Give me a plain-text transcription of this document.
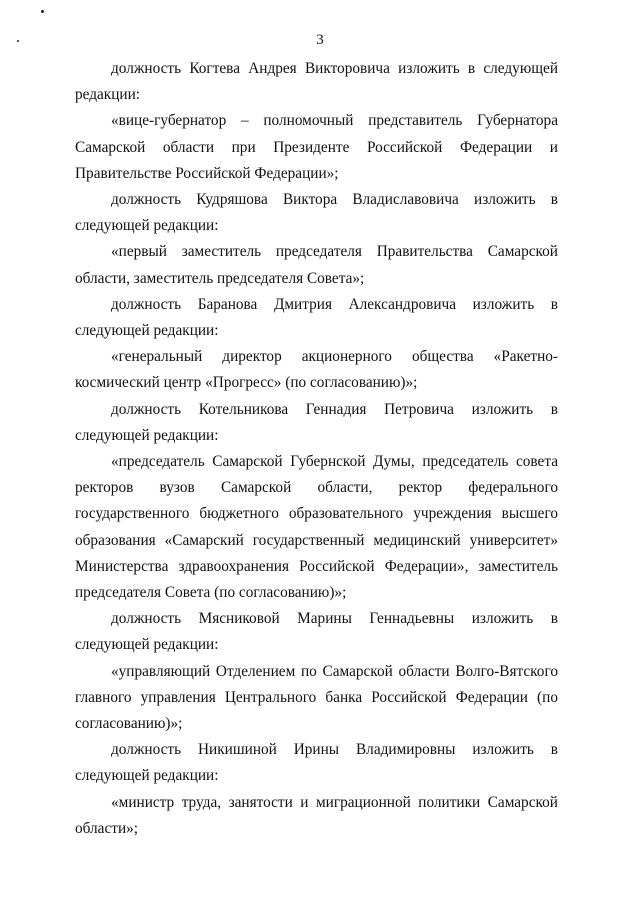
3

должность Когтева Андрея Викторовича изложить в следующей редакции:

«вице-губернатор – полномочный представитель Губернатора Самарской области при Президенте Российской Федерации и Правительстве Российской Федерации»;

должность Кудряшова Виктора Владиславовича изложить в следующей редакции:

«первый заместитель председателя Правительства Самарской области, заместитель председателя Совета»;

должность Баранова Дмитрия Александровича изложить в следующей редакции:

«генеральный директор акционерного общества «Ракетно-космический центр «Прогресс» (по согласованию)»;

должность Котельникова Геннадия Петровича изложить в следующей редакции:

«председатель Самарской Губернской Думы, председатель совета ректоров вузов Самарской области, ректор федерального государственного бюджетного образовательного учреждения высшего образования «Самарский государственный медицинский университет» Министерства здравоохранения Российской Федерации», заместитель председателя Совета (по согласованию)»;

должность Мясниковой Марины Геннадьевны изложить в следующей редакции:

«управляющий Отделением по Самарской области Волго-Вятского главного управления Центрального банка Российской Федерации (по согласованию)»;

должность Никишиной Ирины Владимировны изложить в следующей редакции:

«министр труда, занятости и миграционной политики Самарской области»;
